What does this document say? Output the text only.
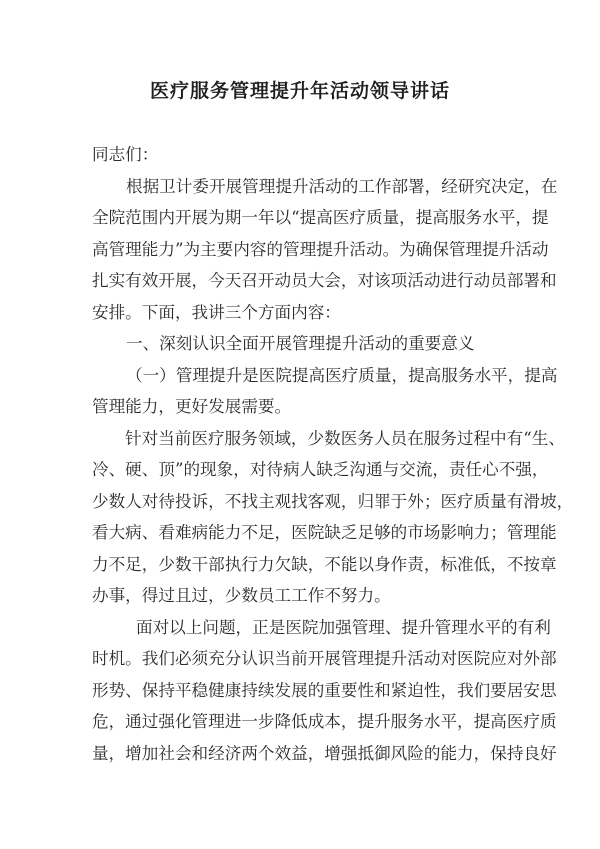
医疗服务管理提升年活动领导讲话
同志们：
根据卫计委开展管理提升活动的工作部署，经研究决定，在
全院范围内开展为期一年以“提高医疗质量，提高服务水平，提
高管理能力”为主要内容的管理提升活动。为确保管理提升活动
扎实有效开展，今天召开动员大会，对该项活动进行动员部署和
安排。下面，我讲三个方面内容：
一、深刻认识全面开展管理提升活动的重要意义
（一）管理提升是医院提高医疗质量，提高服务水平，提高
管理能力，更好发展需要。
针对当前医疗服务领域，少数医务人员在服务过程中有“生、
冷、硬、顶”的现象，对待病人缺乏沟通与交流，责任心不强，
少数人对待投诉，不找主观找客观，归罪于外；医疗质量有滑坡，
看大病、看难病能力不足，医院缺乏足够的市场影响力；管理能
力不足，少数干部执行力欠缺，不能以身作责，标准低，不按章
办事，得过且过，少数员工工作不努力。
面对以上问题，正是医院加强管理、提升管理水平的有利
时机。我们必须充分认识当前开展管理提升活动对医院应对外部
形势、保持平稳健康持续发展的重要性和紧迫性，我们要居安思
危，通过强化管理进一步降低成本，提升服务水平，提高医疗质
量，增加社会和经济两个效益，增强抵御风险的能力，保持良好
